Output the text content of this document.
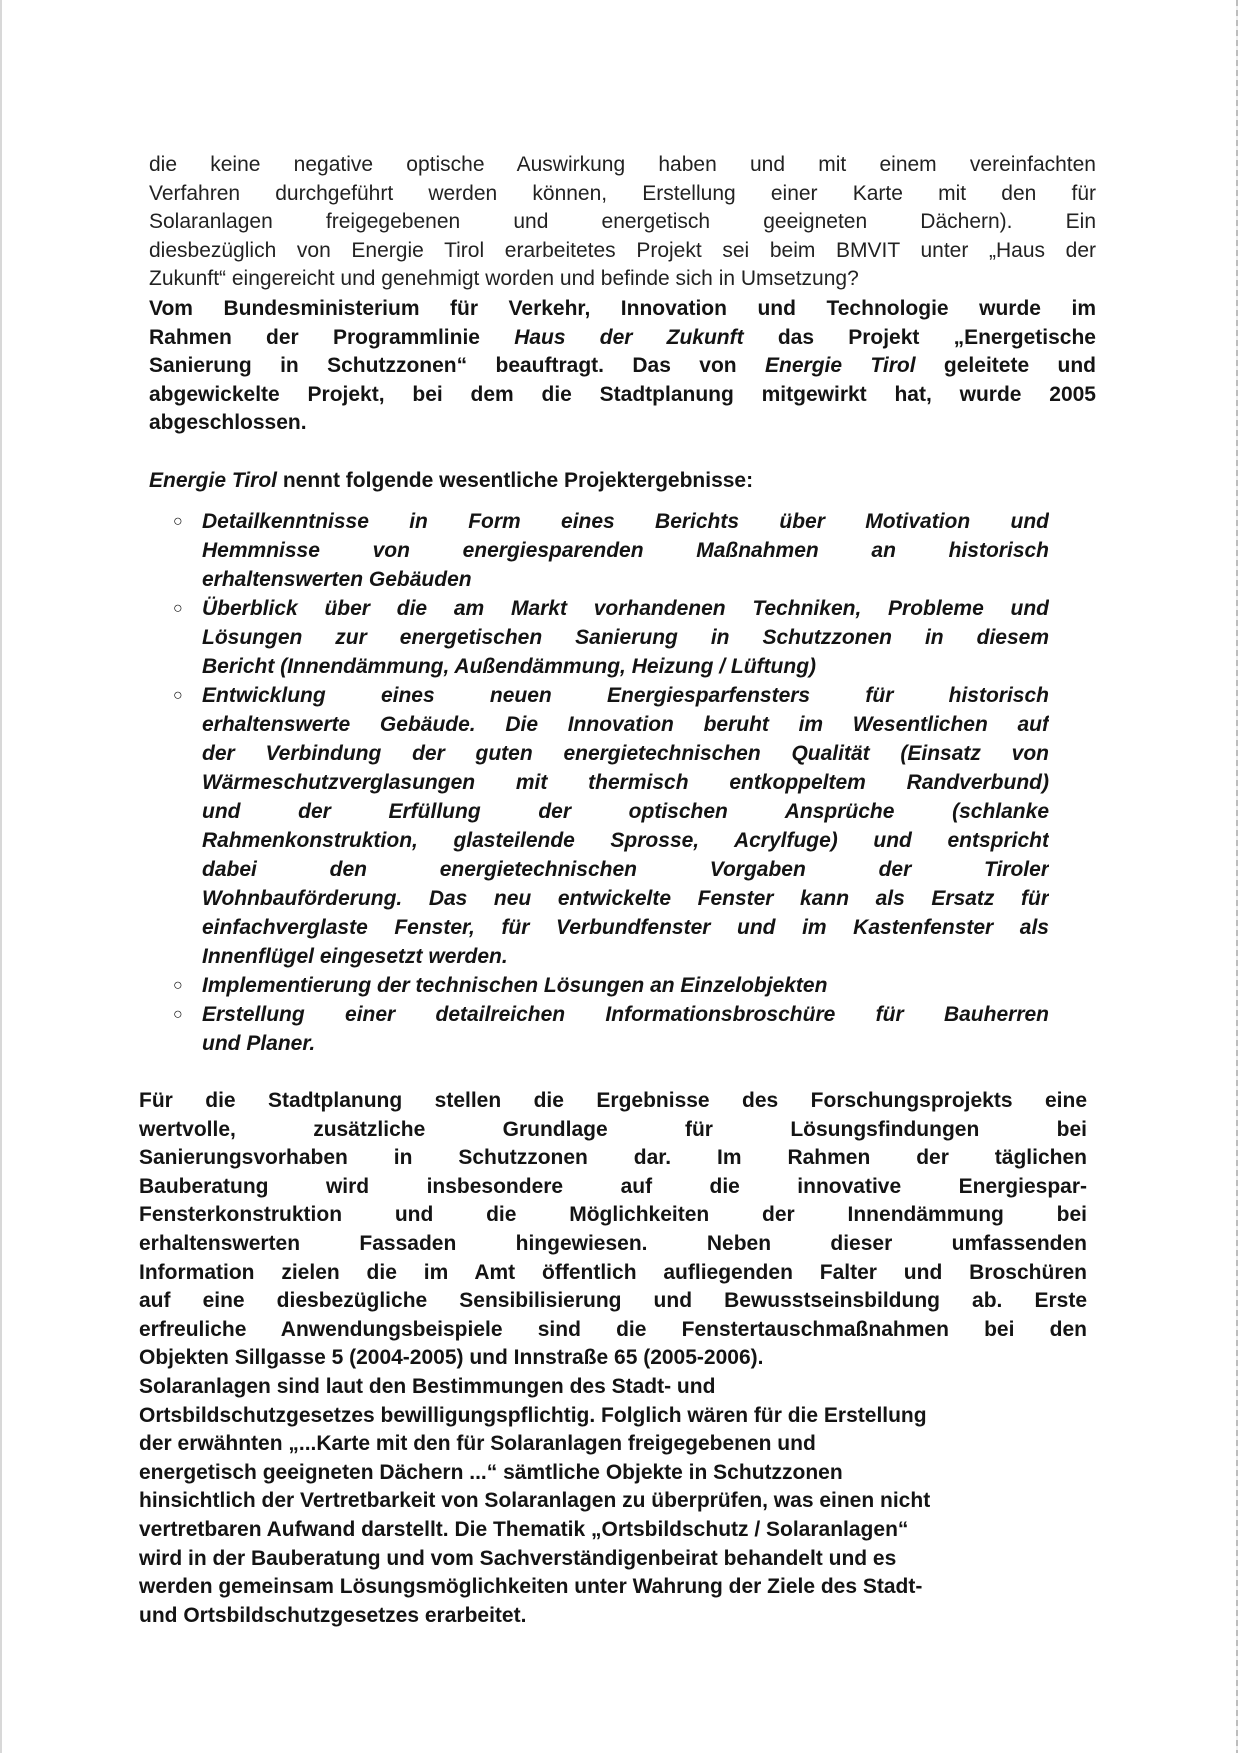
die keine negative optische Auswirkung haben und mit einem vereinfachten
Verfahren durchgeführt werden können, Erstellung einer Karte mit den für
Solaranlagen freigegebenen und energetisch geeigneten Dächern). Ein
diesbezüglich von Energie Tirol erarbeitetes Projekt sei beim BMVIT unter „Haus der
Zukunft“ eingereicht und genehmigt worden und befinde sich in Umsetzung?
Vom Bundesministerium für Verkehr, Innovation und Technologie wurde im
Rahmen der Programmlinie Haus der Zukunft das Projekt „Energetische
Sanierung in Schutzzonen“ beauftragt. Das von Energie Tirol geleitete und
abgewickelte Projekt, bei dem die Stadtplanung mitgewirkt hat, wurde 2005
abgeschlossen.
Energie Tirol nennt folgende wesentliche Projektergebnisse:
○ Detailkenntnisse in Form eines Berichts über Motivation und
Hemmnisse von energiesparenden Maßnahmen an historisch
erhaltenswerten Gebäuden
○ Überblick über die am Markt vorhandenen Techniken, Probleme und
Lösungen zur energetischen Sanierung in Schutzzonen in diesem
Bericht (Innendämmung, Außendämmung, Heizung / Lüftung)
○ Entwicklung eines neuen Energiesparfensters für historisch
erhaltenswerte Gebäude. Die Innovation beruht im Wesentlichen auf
der Verbindung der guten energietechnischen Qualität (Einsatz von
Wärmeschutzverglasungen mit thermisch entkoppeltem Randverbund)
und der Erfüllung der optischen Ansprüche (schlanke
Rahmenkonstruktion, glasteilende Sprosse, Acrylfuge) und entspricht
dabei den energietechnischen Vorgaben der Tiroler
Wohnbauförderung. Das neu entwickelte Fenster kann als Ersatz für
einfachverglaste Fenster, für Verbundfenster und im Kastenfenster als
Innenflügel eingesetzt werden.
○ Implementierung der technischen Lösungen an Einzelobjekten
○ Erstellung einer detailreichen Informationsbroschüre für Bauherren
und Planer.
Für die Stadtplanung stellen die Ergebnisse des Forschungsprojekts eine
wertvolle, zusätzliche Grundlage für Lösungsfindungen bei
Sanierungsvorhaben in Schutzzonen dar. Im Rahmen der täglichen
Bauberatung wird insbesondere auf die innovative Energiespar-
Fensterkonstruktion und die Möglichkeiten der Innendämmung bei
erhaltenswerten Fassaden hingewiesen. Neben dieser umfassenden
Information zielen die im Amt öffentlich aufliegenden Falter und Broschüren
auf eine diesbezügliche Sensibilisierung und Bewusstseinsbildung ab. Erste
erfreuliche Anwendungsbeispiele sind die Fenstertauschmaßnahmen bei den
Objekten Sillgasse 5 (2004-2005) und Innstraße 65 (2005-2006).
Solaranlagen sind laut den Bestimmungen des Stadt- und
Ortsbildschutzgesetzes bewilligungspflichtig. Folglich wären für die Erstellung
der erwähnten „...Karte mit den für Solaranlagen freigegebenen und
energetisch geeigneten Dächern ...“ sämtliche Objekte in Schutzzonen
hinsichtlich der Vertretbarkeit von Solaranlagen zu überprüfen, was einen nicht
vertretbaren Aufwand darstellt. Die Thematik „Ortsbildschutz / Solaranlagen“
wird in der Bauberatung und vom Sachverständigenbeirat behandelt und es
werden gemeinsam Lösungsmöglichkeiten unter Wahrung der Ziele des Stadt-
und Ortsbildschutzgesetzes erarbeitet.
